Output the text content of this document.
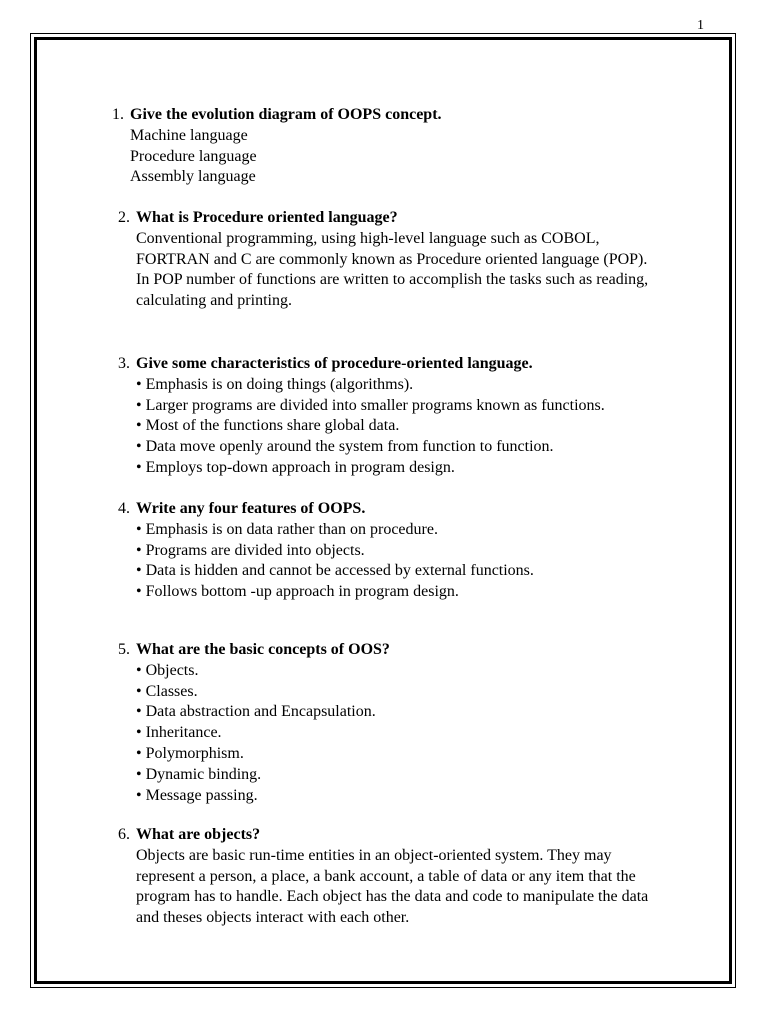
1
1. Give the evolution diagram of OOPS concept.
Machine language
Procedure language
Assembly language
2. What is Procedure oriented language?
Conventional programming, using high-level language such as COBOL,
FORTRAN and C are commonly known as Procedure oriented language (POP).
In POP number of functions are written to accomplish the tasks such as reading,
calculating and printing.
3. Give some characteristics of procedure-oriented language.
• Emphasis is on doing things (algorithms).
• Larger programs are divided into smaller programs known as functions.
• Most of the functions share global data.
• Data move openly around the system from function to function.
• Employs top-down approach in program design.
4. Write any four features of OOPS.
• Emphasis is on data rather than on procedure.
• Programs are divided into objects.
• Data is hidden and cannot be accessed by external functions.
• Follows bottom -up approach in program design.
5. What are the basic concepts of OOS?
• Objects.
• Classes.
• Data abstraction and Encapsulation.
• Inheritance.
• Polymorphism.
• Dynamic binding.
• Message passing.
6. What are objects?
Objects are basic run-time entities in an object-oriented system. They may
represent a person, a place, a bank account, a table of data or any item that the
program has to handle. Each object has the data and code to manipulate the data
and theses objects interact with each other.
